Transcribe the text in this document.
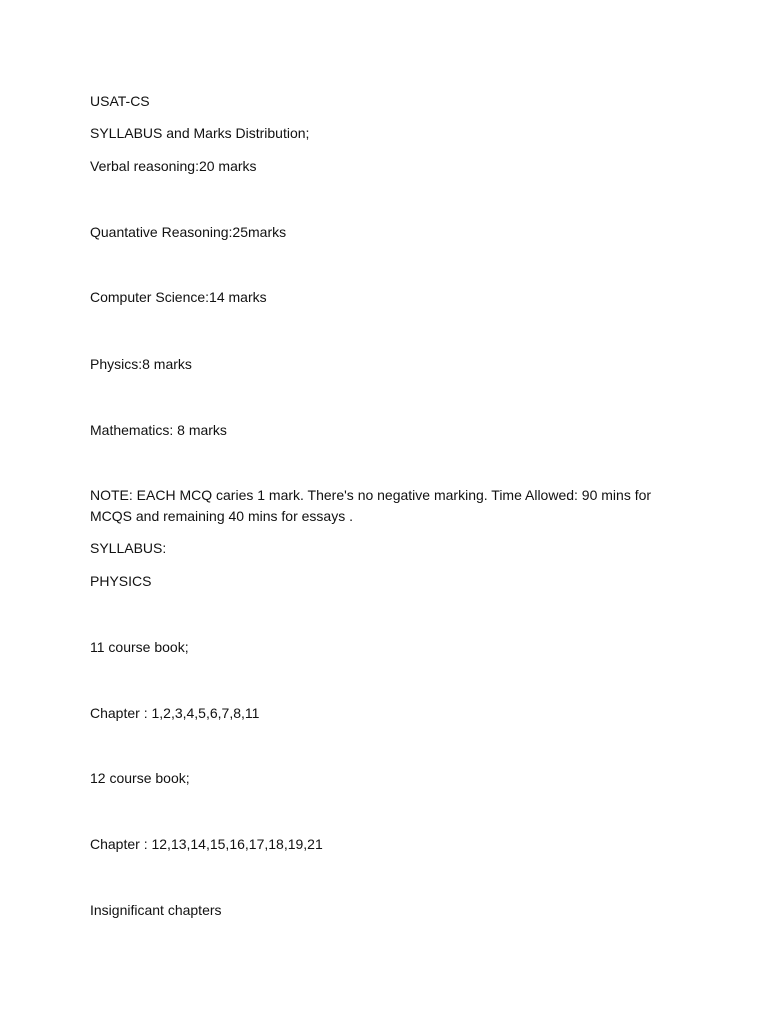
USAT-CS
SYLLABUS and Marks Distribution;
Verbal reasoning:20 marks
Quantative Reasoning:25marks
Computer Science:14 marks
Physics:8 marks
Mathematics: 8 marks
NOTE: EACH MCQ caries 1 mark. There's no negative marking. Time Allowed: 90 mins for MCQS and remaining 40 mins for essays .
SYLLABUS:
PHYSICS
11 course book;
Chapter : 1,2,3,4,5,6,7,8,11
12 course book;
Chapter : 12,13,14,15,16,17,18,19,21
Insignificant chapters
